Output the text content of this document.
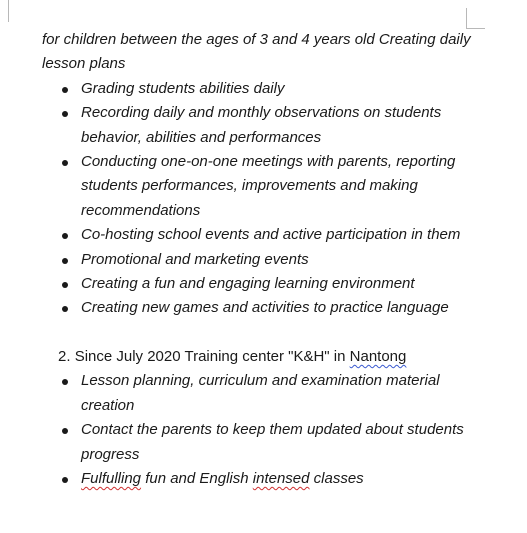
for children between the ages of 3 and 4 years old Creating daily lesson plans

Grading students abilities daily
Recording daily and monthly observations on students behavior, abilities and performances
Conducting one-on-one meetings with parents, reporting students performances, improvements and making recommendations
Co-hosting school events and active participation in them
Promotional and marketing events
Creating a fun and engaging learning environment
Creating new games and activities to practice language
2. Since July 2020 Training center "K&H" in Nantong
Lesson planning, curriculum and examination material creation
Contact the parents to keep them updated about students progress
Fulfulling fun and English intensed classes
